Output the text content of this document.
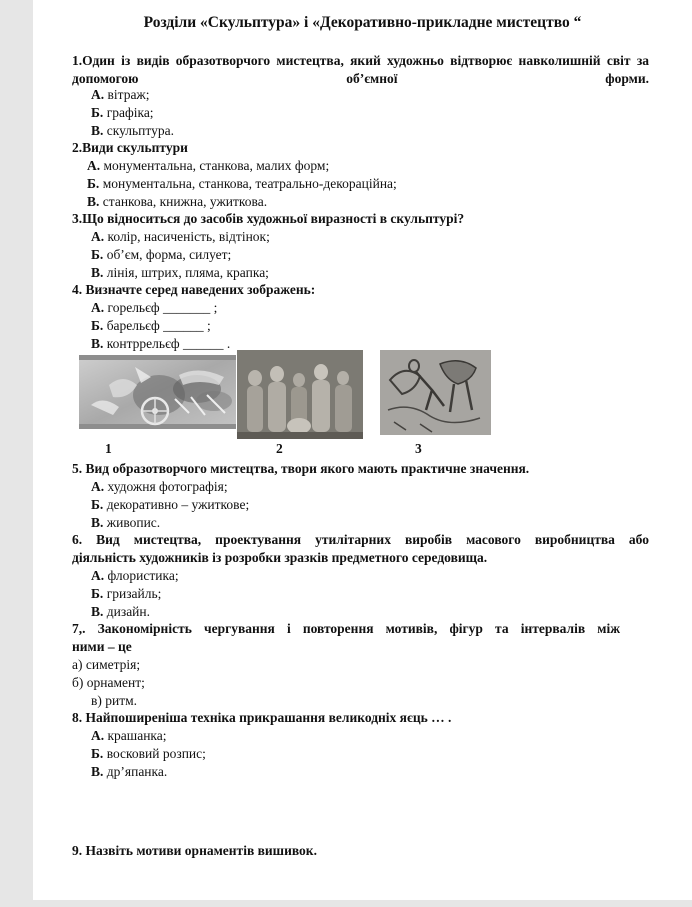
Розділи «Скульптура» і «Декоративно-прикладне мистецтво “

1.Один із видів образотворчого мистецтва, який художньо відтворює навколишній світ за допомогою об’ємної форми.

А. вітраж;

Б. графіка;

В. скульптура.

2.Види скульптури

А. монументальна, станкова, малих форм;

Б. монументальна, станкова, театрально-декораційна;

В. станкова, книжна, ужиткова.

3.Що відноситься до засобів художньої виразності в скульптурі?

А. колір, насиченість, відтінок;

Б. об’єм, форма, силует;

В. лінія, штрих, пляма, крапка;

4. Визначте серед наведених зображень:

А. горельєф _______ ;

Б. барельєф ______ ;

В. контррельєф ______ .

1	2	3

5. Вид образотворчого мистецтва, твори якого мають практичне значення.

А. художня фотографія;

Б. декоративно – ужиткове;

В. живопис.

6. Вид мистецтва, проектування утилітарних виробів масового виробництва або

діяльність художників із розробки зразків предметного середовища.

А. флористика;

Б. гризайль;

В. дизайн.

7,. Закономірність чергування і повторення мотивів, фігур та інтервалів між

ними – це

а) симетрія;

б) орнамент;

в) ритм.

8. Найпоширеніша техніка прикрашання великодніх яєць … .

А. крашанка;

Б. восковий розпис;

В. др’япанка.

9. Назвіть мотиви орнаментів вишивок.
